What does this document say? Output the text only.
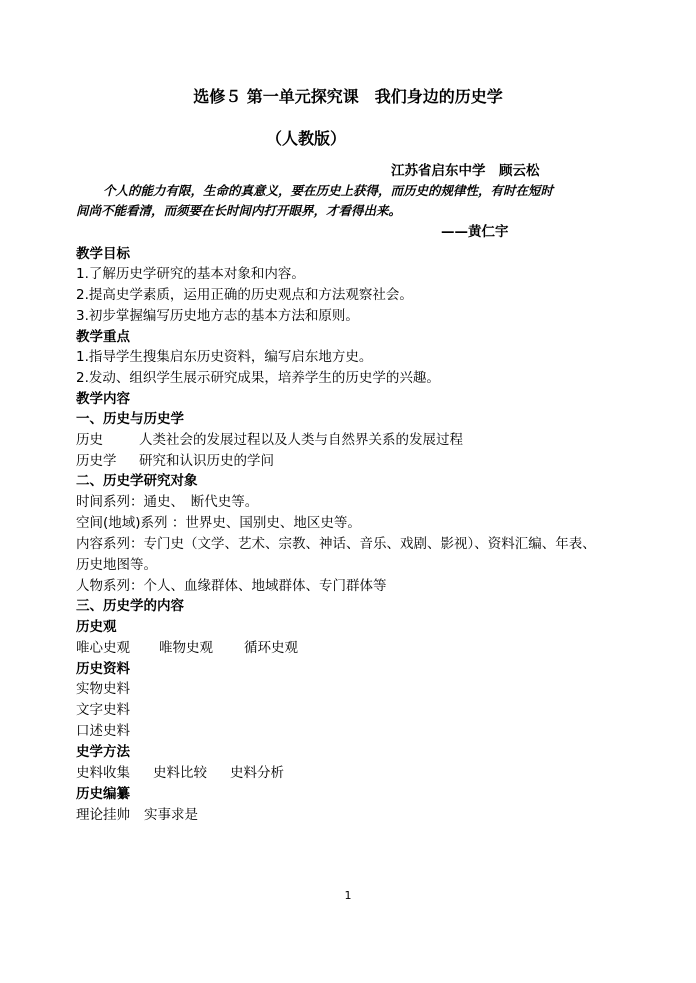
选修５ 第一单元探究课　我们身边的历史学
（人教版）
江苏省启东中学　顾云松
个人的能力有限，生命的真意义，要在历史上获得，而历史的规律性，有时在短时
间尚不能看清，而须要在长时间内打开眼界，才看得出来。
——黄仁宇
教学目标
1.了解历史学研究的基本对象和内容。
2.提高史学素质，运用正确的历史观点和方法观察社会。
3.初步掌握编写历史地方志的基本方法和原则。
教学重点
1.指导学生搜集启东历史资料，编写启东地方史。
2.发动、组织学生展示研究成果，培养学生的历史学的兴趣。
教学内容
一、历史与历史学
历史	人类社会的发展过程以及人类与自然界关系的发展过程
历史学 研究和认识历史的学问
二、历史学研究对象
时间系列：通史、　断代史等。
空间(地域)系列 ：世界史、国别史、地区史等。
内容系列：专门史（文学、艺术、宗教、神话、音乐、戏剧、影视）、资料汇编、年表、
历史地图等。
人物系列：个人、血缘群体、地域群体、专门群体等
三、历史学的内容
历史观
唯心史观 唯物史观 循环史观
历史资料
实物史料
文字史料
口述史料
史学方法
史料收集 史料比较 史料分析
历史编纂
理论挂帅 实事求是
1
